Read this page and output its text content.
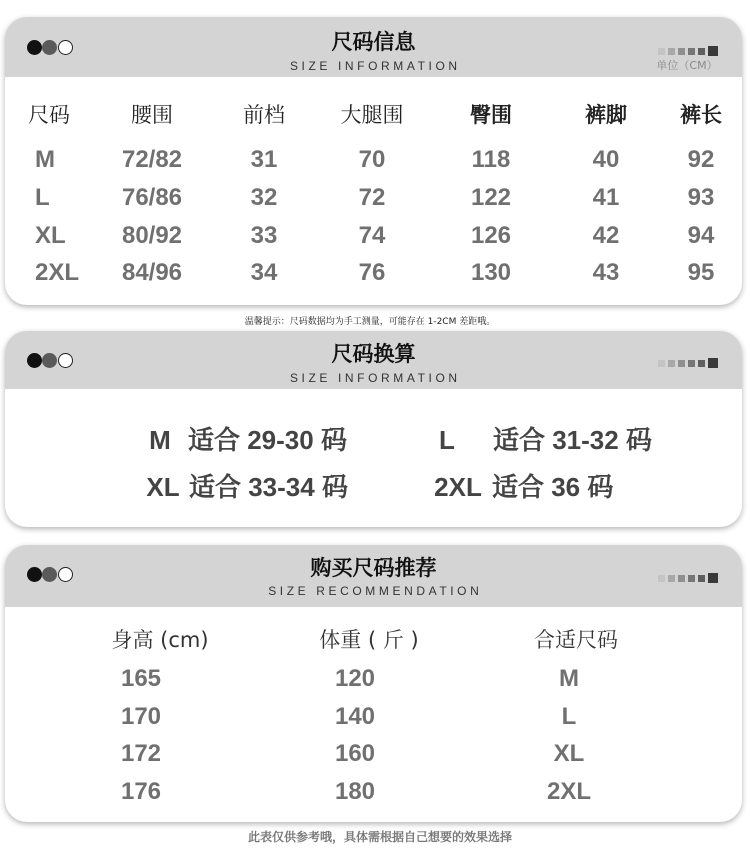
尺码信息
SIZE INFORMATION	单位（CM）
尺码	腰围	前档	大腿围	臀围	裤脚	裤长
M	72/82	31	70	118	40	92
L	76/86	32	72	122	41	93
XL	80/92	33	74	126	42	94
2XL	84/96	34	76	130	43	95
温馨提示：尺码数据均为手工测量，可能存在 1-2CM 差距哦。
尺码换算
SIZE INFORMATION
M 适合 29-30 码	L	适合 31-32 码
XL 适合 33-34 码	2XL 适合 36 码
购买尺码推荐
SIZE RECOMMENDATION
身高 (cm)	体重 ( 斤 )	合适尺码
165	120	M
170	140	L
172	160	XL
176	180	2XL
此表仅供参考哦，具体需根据自己想要的效果选择
